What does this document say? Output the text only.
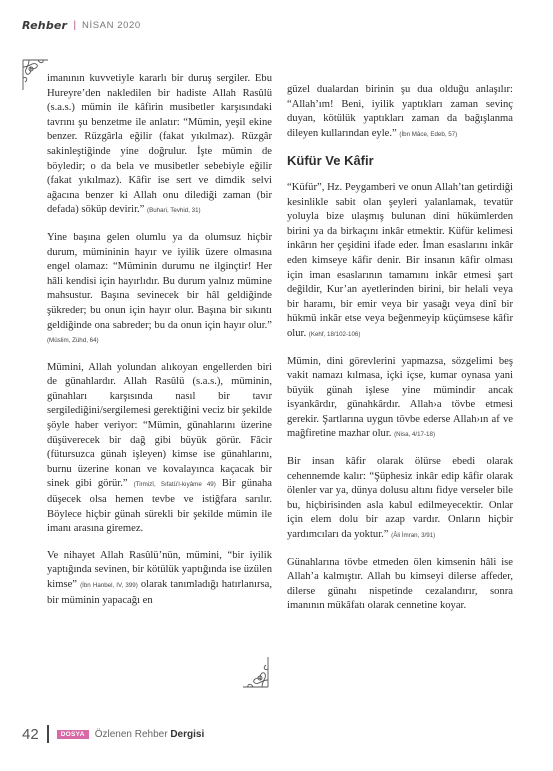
Rehber | NİSAN 2020

imanının kuvvetiyle kararlı bir duruş sergiler. Ebu Hureyre’den nakledilen bir hadiste Allah Rasûlü (s.a.s.) mümin ile kâfirin musibetler karşısındaki tavrını şu benzetme ile anlatır: “Mümin, yeşil ekine benzer. Rüzgârla eğilir (fakat yıkılmaz). Rüzgâr sakinleştiğinde yine doğrulur. İşte mümin de böyledir; o da bela ve musibetler sebebiyle eğilir (fakat yıkılmaz). Kâfir ise sert ve dimdik selvi ağacına benzer ki Allah onu dilediği zaman (bir defada) söküp devirir.” (Buhari, Tevhid, 31)

Yine başına gelen olumlu ya da olumsuz hiçbir durum, mümininin hayır ve iyilik üzere olmasına engel olamaz: “Müminin durumu ne ilginçtir! Her hâli kendisi için hayırlıdır. Bu durum yalnız mümine mahsustur. Başına sevinecek bir hâl geldiğinde şükreder; bu onun için hayır olur. Başına bir sıkıntı geldiğinde ona sabreder; bu da onun için hayır olur.” (Müslim, Zühd, 64)

Mümini, Allah yolundan alıkoyan engellerden biri de günahlardır. Allah Rasûlü (s.a.s.), müminin, günahları karşısında nasıl bir tavır sergilediğini/sergilemesi gerektiğini veciz bir şekilde şöyle haber veriyor: “Mümin, günahlarını üzerine düşüverecek bir dağ gibi büyük görür. Fâcir (fütursuzca günah işleyen) kimse ise günahlarını, burnu üzerine konan ve kovalayınca kaçacak bir sinek gibi görür.” (Tirmizî, Sıfatü’l-kıyâme 49) Bir günaha düşecek olsa hemen tevbe ve istiğfara sarılır. Böylece hiçbir günah sürekli bir şekilde mümin ile imanı arasına giremez.

Ve nihayet Allah Rasûlü’nün, mümini, “bir iyilik yaptığında sevinen, bir kötülük yaptığında ise üzülen kimse” (İbn Hanbel, IV, 399) olarak tanımladığı hatırlanırsa, bir müminin yapacağı en

güzel dualardan birinin şu dua olduğu anlaşılır: “Allah’ım! Beni, iyilik yaptıkları zaman sevinç duyan, kötülük yaptıkları zaman da bağışlanma dileyen kullarından eyle.” (İbn Mâce, Edeb, 57)

Küfür Ve Kâfir

“Küfür”, Hz. Peygamberi ve onun Allah’tan getirdiği kesinlikle sabit olan şeyleri yalanlamak, tevatür yoluyla bize ulaşmış bulunan dini hükümlerden birini ya da birkaçını inkâr etmektir. Küfür kelimesi inkârın her çeşidini ifade eder. İman esaslarını inkâr eden kimseye kâfir denir. Bir insanın kâfir olması için iman esaslarının tamamını inkâr etmesi şart değildir, Kur’an ayetlerinden birini, bir helali veya bir haramı, bir emir veya bir yasağı veya dinî bir hükmü inkâr etse veya beğenmeyip küçümsese kâfir olur. (Kehf, 18/102-106)

Mümin, dini görevlerini yapmazsa, sözgelimi beş vakit namazı kılmasa, içki içse, kumar oynasa yani büyük günah işlese yine mümindir ancak isyankârdır, günahkârdır. Allah›a tövbe etmesi gerekir. Şartlarına uygun tövbe ederse Allah›ın af ve mağfiretine mazhar olur. (Nisa, 4/17-18)

Bir insan kâfir olarak ölürse ebedi olarak cehennemde kalır: “Şüphesiz inkâr edip kâfir olarak ölenler var ya, dünya dolusu altını fidye verseler bile bu, hiçbirisinden asla kabul edilmeyecektir. Onlar için elem dolu bir azap vardır. Onların hiçbir yardımcıları da yoktur.” (Âli İmran, 3/91)

Günahlarına tövbe etmeden ölen kimsenin hâli ise Allah’a kalmıştır. Allah bu kimseyi dilerse affeder, dilerse günahı nispetinde cezalandırır, sonra imanının mükâfatı olarak cennetine koyar.

42	DOSYA	Özlenen Rehber Dergisi
